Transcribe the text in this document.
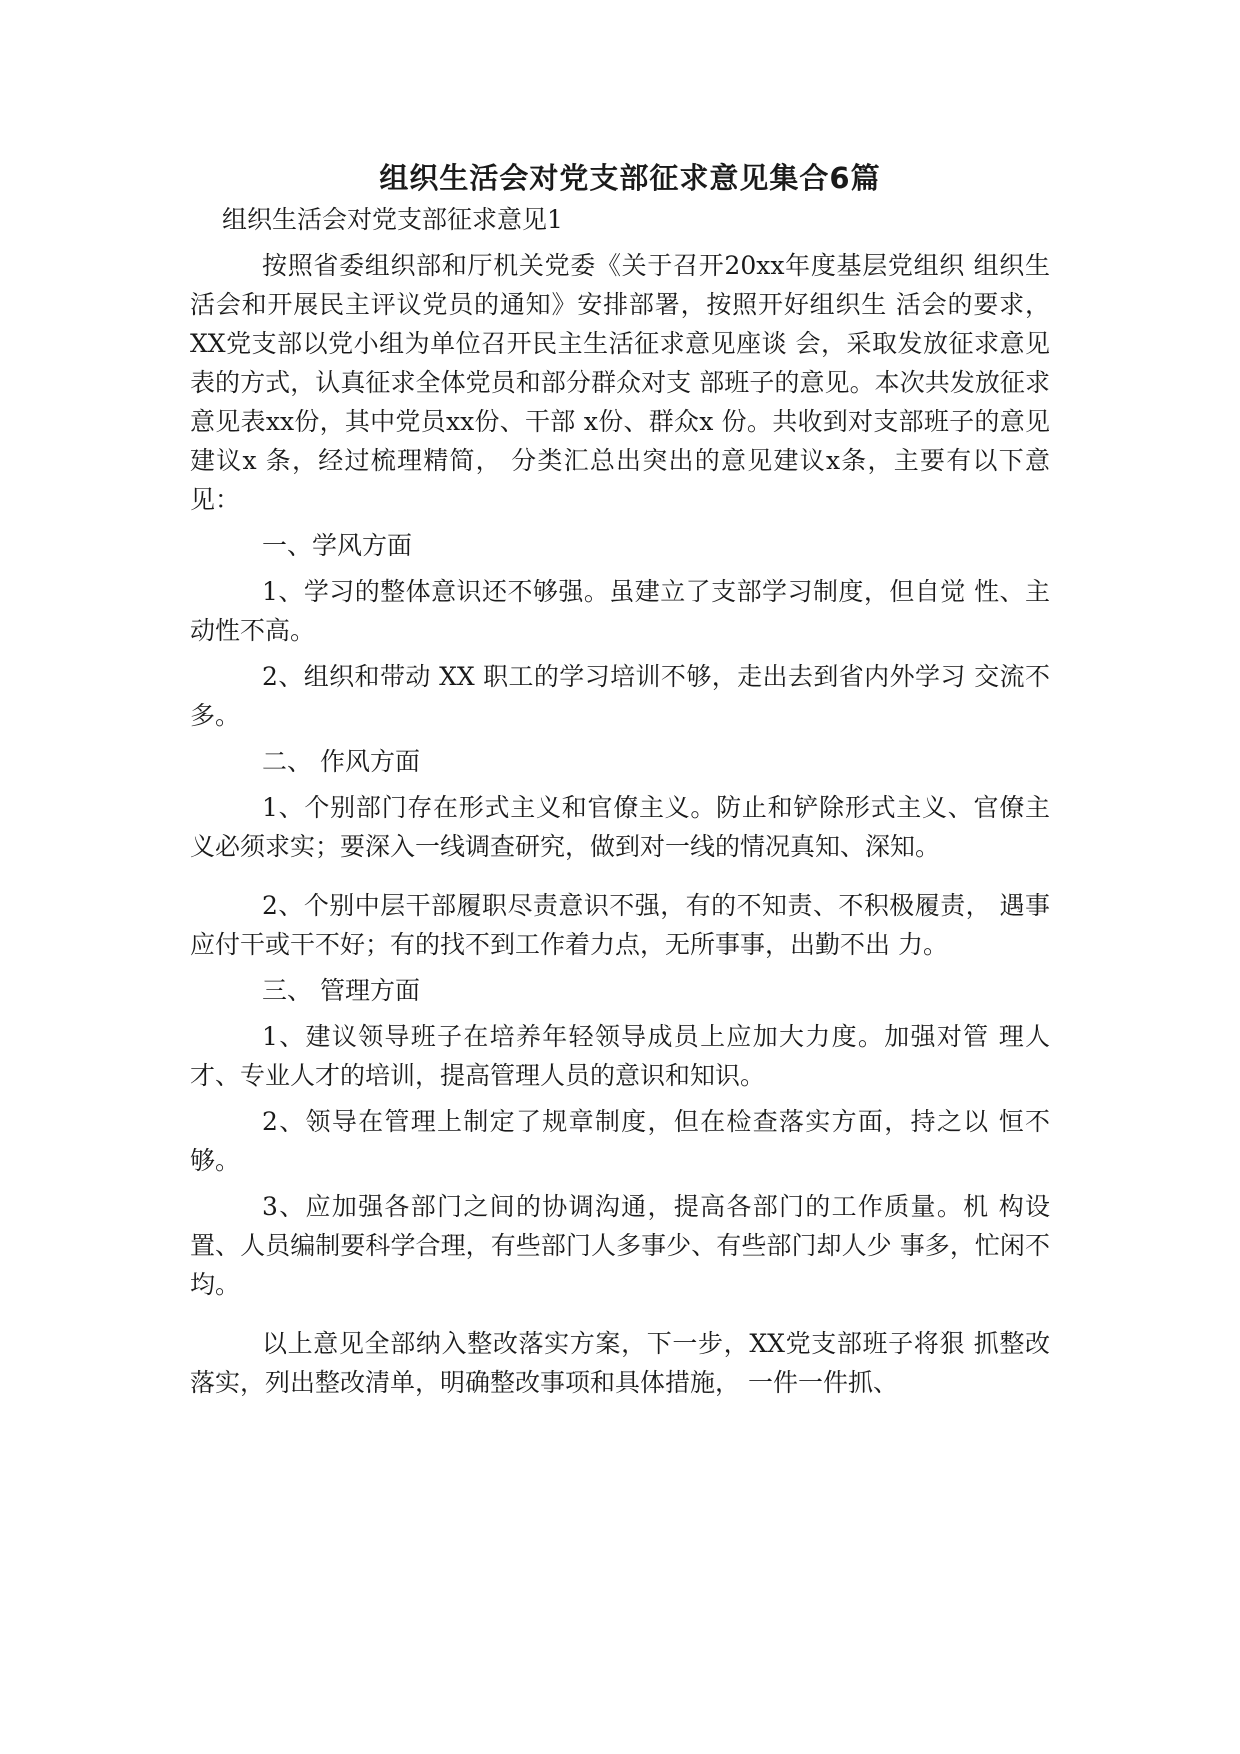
组织生活会对党支部征求意见集合6篇

组织生活会对党支部征求意见1

按照省委组织部和厅机关党委《关于召开20xx年度基层党组织 组织生活会和开展民主评议党员的通知》安排部署，按照开好组织生 活会的要求， XX党支部以党小组为单位召开民主生活征求意见座谈 会，采取发放征求意见表的方式，认真征求全体党员和部分群众对支 部班子的意见。本次共发放征求意见表xx份，其中党员xx份、干部 x份、群众x 份。共收到对支部班子的意见建议x 条，经过梳理精简， 分类汇总出突出的意见建议x条，主要有以下意见：

一、学风方面

1、学习的整体意识还不够强。虽建立了支部学习制度，但自觉 性、主动性不高。

2、组织和带动 XX 职工的学习培训不够，走出去到省内外学习 交流不多。

二、 作风方面

1、个别部门存在形式主义和官僚主义。防止和铲除形式主义、官僚主义必须求实；要深入一线调查研究，做到对一线的情况真知、深知。

2、个别中层干部履职尽责意识不强，有的不知责、不积极履责， 遇事应付干或干不好；有的找不到工作着力点，无所事事，出勤不出 力。

三、 管理方面

1、建议领导班子在培养年轻领导成员上应加大力度。加强对管 理人才、专业人才的培训，提高管理人员的意识和知识。

2、领导在管理上制定了规章制度，但在检查落实方面，持之以 恒不够。

3、应加强各部门之间的协调沟通，提高各部门的工作质量。机 构设置、人员编制要科学合理，有些部门人多事少、有些部门却人少 事多，忙闲不均。

以上意见全部纳入整改落实方案，下一步，XX党支部班子将狠 抓整改落实，列出整改清单，明确整改事项和具体措施， 一件一件抓、
